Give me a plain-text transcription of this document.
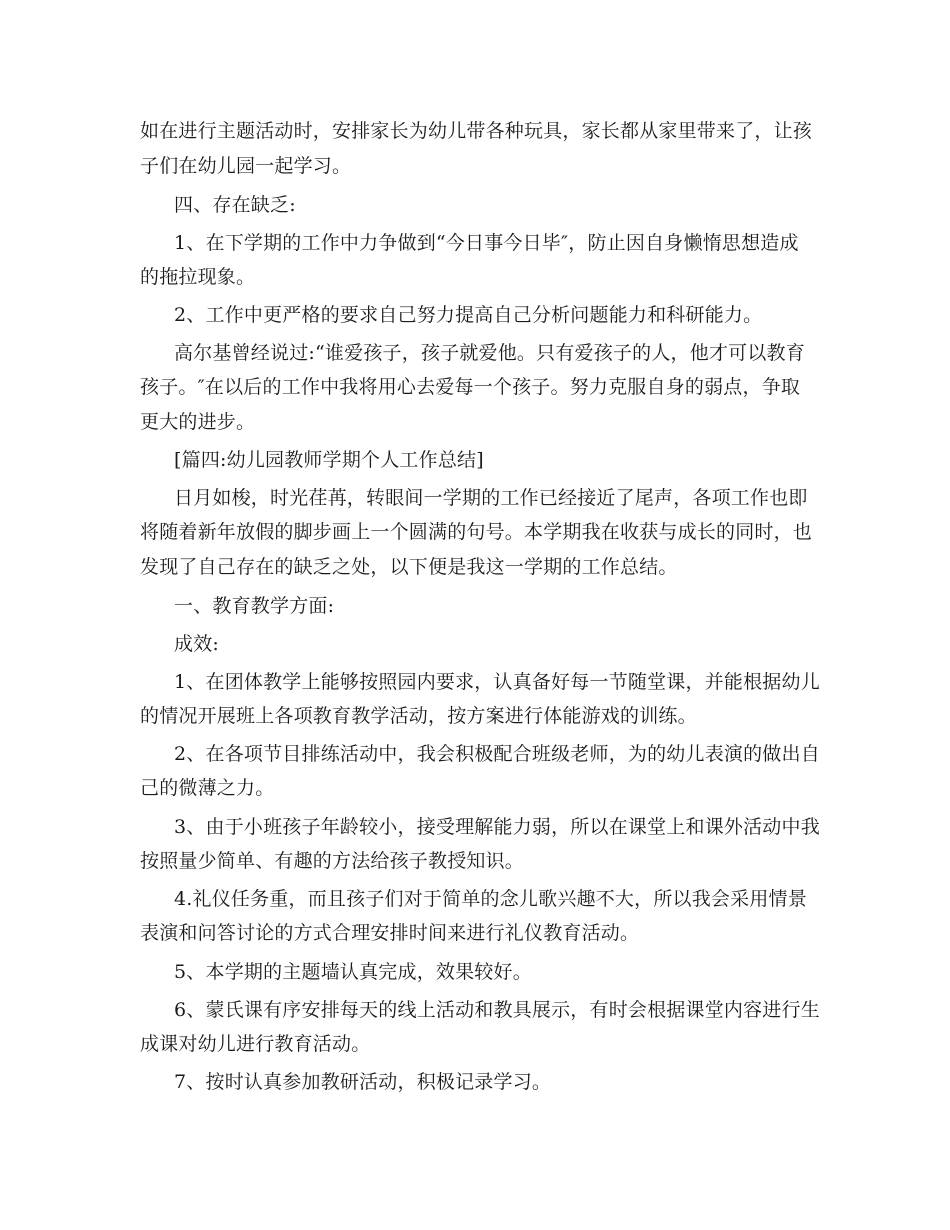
如在进行主题活动时，安排家长为幼儿带各种玩具，家长都从家里带来了，让孩
子们在幼儿园一起学习。
四、存在缺乏:
1、在下学期的工作中力争做到“今日事今日毕″，防止因自身懒惰思想造成
的拖拉现象。
2、工作中更严格的要求自己努力提高自己分析问题能力和科研能力。
高尔基曾经说过:“谁爱孩子，孩子就爱他。只有爱孩子的人，他才可以教育
孩子。″在以后的工作中我将用心去爱每一个孩子。努力克服自身的弱点，争取
更大的进步。
[篇四:幼儿园教师学期个人工作总结]
日月如梭，时光荏苒，转眼间一学期的工作已经接近了尾声，各项工作也即
将随着新年放假的脚步画上一个圆满的句号。本学期我在收获与成长的同时，也
发现了自己存在的缺乏之处，以下便是我这一学期的工作总结。
一、教育教学方面:
成效:
1、在团体教学上能够按照园内要求，认真备好每一节随堂课，并能根据幼儿
的情况开展班上各项教育教学活动，按方案进行体能游戏的训练。
2、在各项节目排练活动中，我会积极配合班级老师，为的幼儿表演的做出自
己的微薄之力。
3、由于小班孩子年龄较小，接受理解能力弱，所以在课堂上和课外活动中我
按照量少简单、有趣的方法给孩子教授知识。
4.礼仪任务重，而且孩子们对于简单的念儿歌兴趣不大，所以我会采用情景
表演和问答讨论的方式合理安排时间来进行礼仪教育活动。
5、本学期的主题墙认真完成，效果较好。
6、蒙氏课有序安排每天的线上活动和教具展示，有时会根据课堂内容进行生
成课对幼儿进行教育活动。
7、按时认真参加教研活动，积极记录学习。
